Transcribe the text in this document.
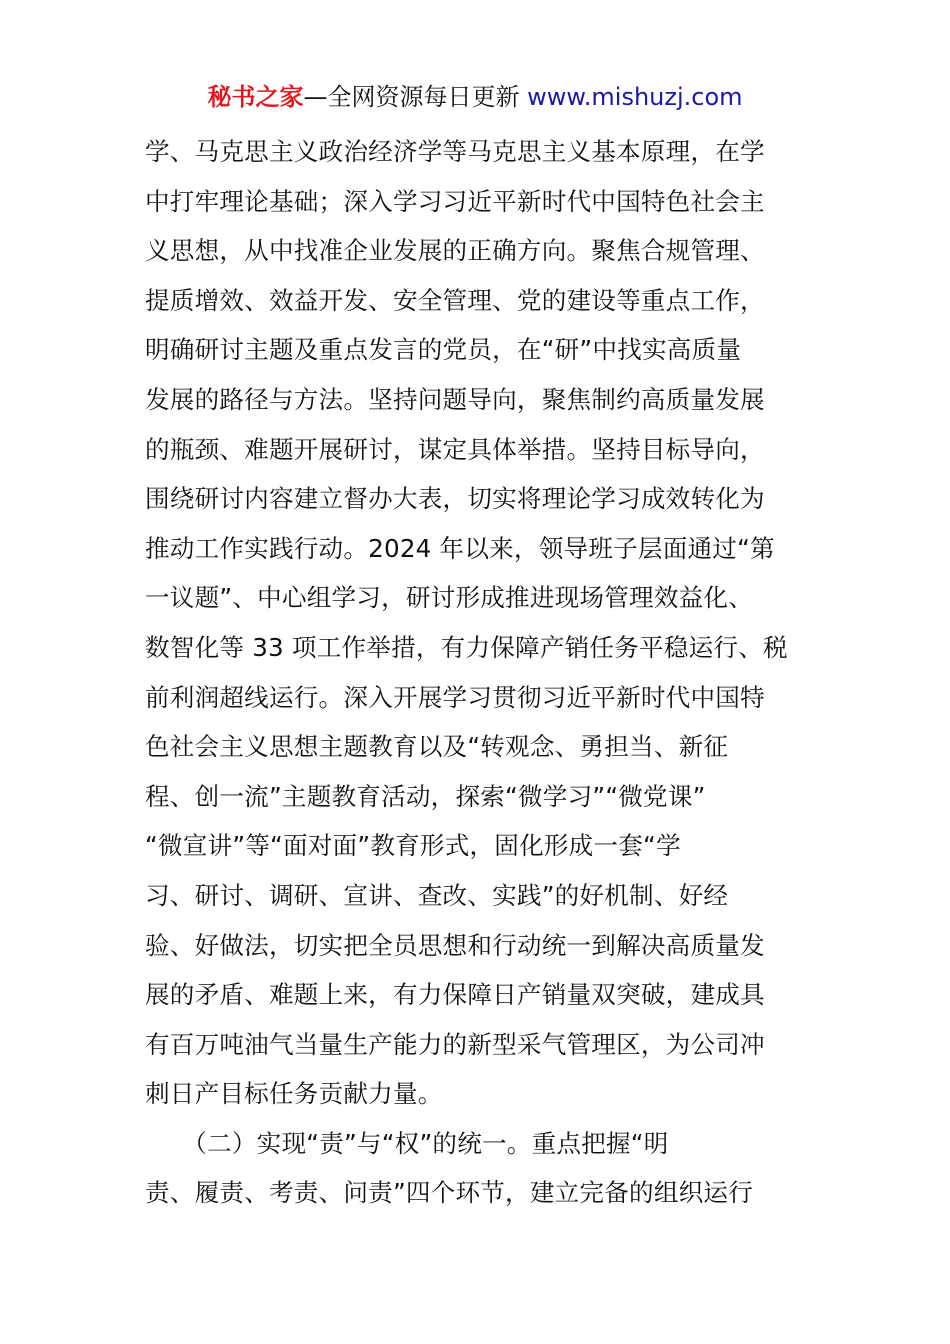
秘书之家—全网资源每日更新 www.mishuzj.com
学、马克思主义政治经济学等马克思主义基本原理，在学
中打牢理论基础；深入学习习近平新时代中国特色社会主
义思想，从中找准企业发展的正确方向。聚焦合规管理、
提质增效、效益开发、安全管理、党的建设等重点工作，
明确研讨主题及重点发言的党员，在“研”中找实高质量
发展的路径与方法。坚持问题导向，聚焦制约高质量发展
的瓶颈、难题开展研讨，谋定具体举措。坚持目标导向，
围绕研讨内容建立督办大表，切实将理论学习成效转化为
推动工作实践行动。2024 年以来，领导班子层面通过“第
一议题”、中心组学习，研讨形成推进现场管理效益化、
数智化等 33 项工作举措，有力保障产销任务平稳运行、税
前利润超线运行。深入开展学习贯彻习近平新时代中国特
色社会主义思想主题教育以及“转观念、勇担当、新征
程、创一流”主题教育活动，探索“微学习”“微党课”
“微宣讲”等“面对面”教育形式，固化形成一套“学
习、研讨、调研、宣讲、查改、实践”的好机制、好经
验、好做法，切实把全员思想和行动统一到解决高质量发
展的矛盾、难题上来，有力保障日产销量双突破，建成具
有百万吨油气当量生产能力的新型采气管理区，为公司冲
刺日产目标任务贡献力量。
　　（二）实现“责”与“权”的统一。重点把握“明
责、履责、考责、问责”四个环节，建立完备的组织运行
